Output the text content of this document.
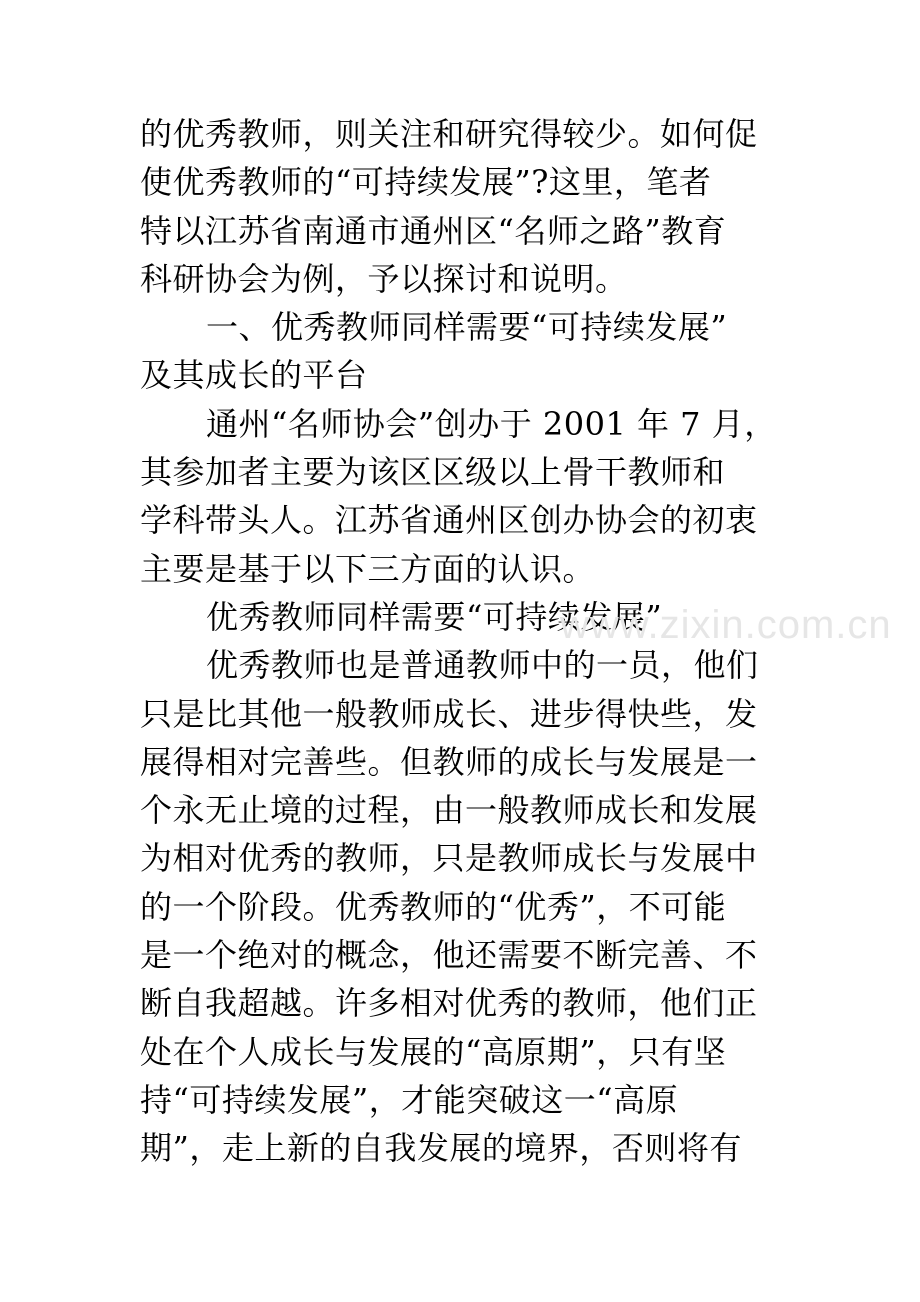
的优秀教师，则关注和研究得较少。如何促
使优秀教师的“可持续发展”?这里，笔者
特以江苏省南通市通州区“名师之路”教育
科研协会为例，予以探讨和说明。
一、优秀教师同样需要“可持续发展”
及其成长的平台
通州“名师协会”创办于 2001 年 7 月，
其参加者主要为该区区级以上骨干教师和
学科带头人。江苏省通州区创办协会的初衷
主要是基于以下三方面的认识。
优秀教师同样需要“可持续发展”
优秀教师也是普通教师中的一员，他们
只是比其他一般教师成长、进步得快些，发
展得相对完善些。但教师的成长与发展是一
个永无止境的过程，由一般教师成长和发展
为相对优秀的教师，只是教师成长与发展中
的一个阶段。优秀教师的“优秀”，不可能
是一个绝对的概念，他还需要不断完善、不
断自我超越。许多相对优秀的教师，他们正
处在个人成长与发展的“高原期”，只有坚
持“可持续发展”，才能突破这一“高原
期”，走上新的自我发展的境界，否则将有
www.zixin.com.cn
